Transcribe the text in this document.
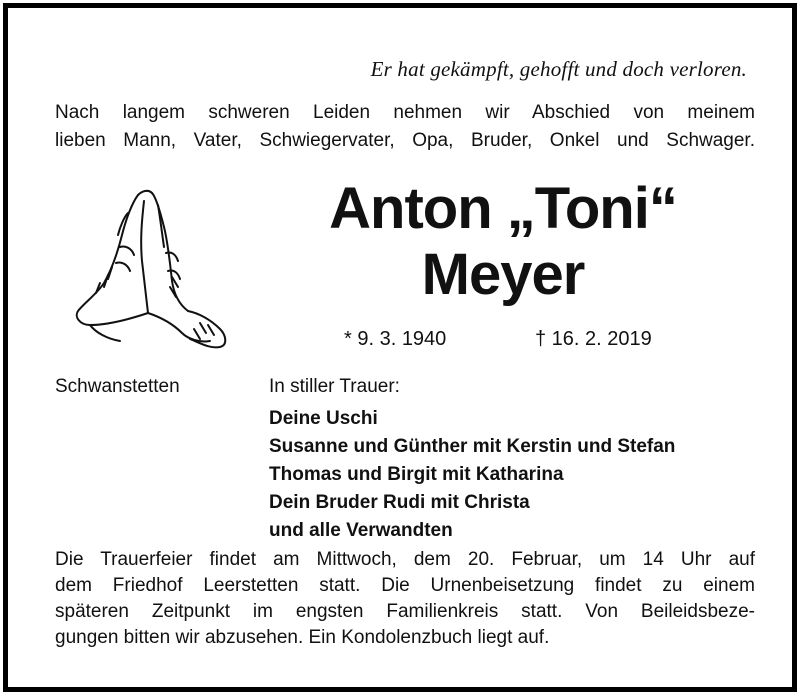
Er hat gekämpft, gehofft und doch verloren.
Nach langem schweren Leiden nehmen wir Abschied von meinem
lieben Mann, Vater, Schwiegervater, Opa, Bruder, Onkel und Schwager.
Anton „Toni“
Meyer
* 9. 3. 1940	† 16. 2. 2019
Schwanstetten	In stiller Trauer:
Deine Uschi
Susanne und Günther mit Kerstin und Stefan
Thomas und Birgit mit Katharina
Dein Bruder Rudi mit Christa
und alle Verwandten
Die Trauerfeier findet am Mittwoch, dem 20. Februar, um 14 Uhr auf
dem Friedhof Leerstetten statt. Die Urnenbeisetzung findet zu einem
späteren Zeitpunkt im engsten Familienkreis statt. Von Beileidsbeze-
gungen bitten wir abzusehen. Ein Kondolenzbuch liegt auf.
